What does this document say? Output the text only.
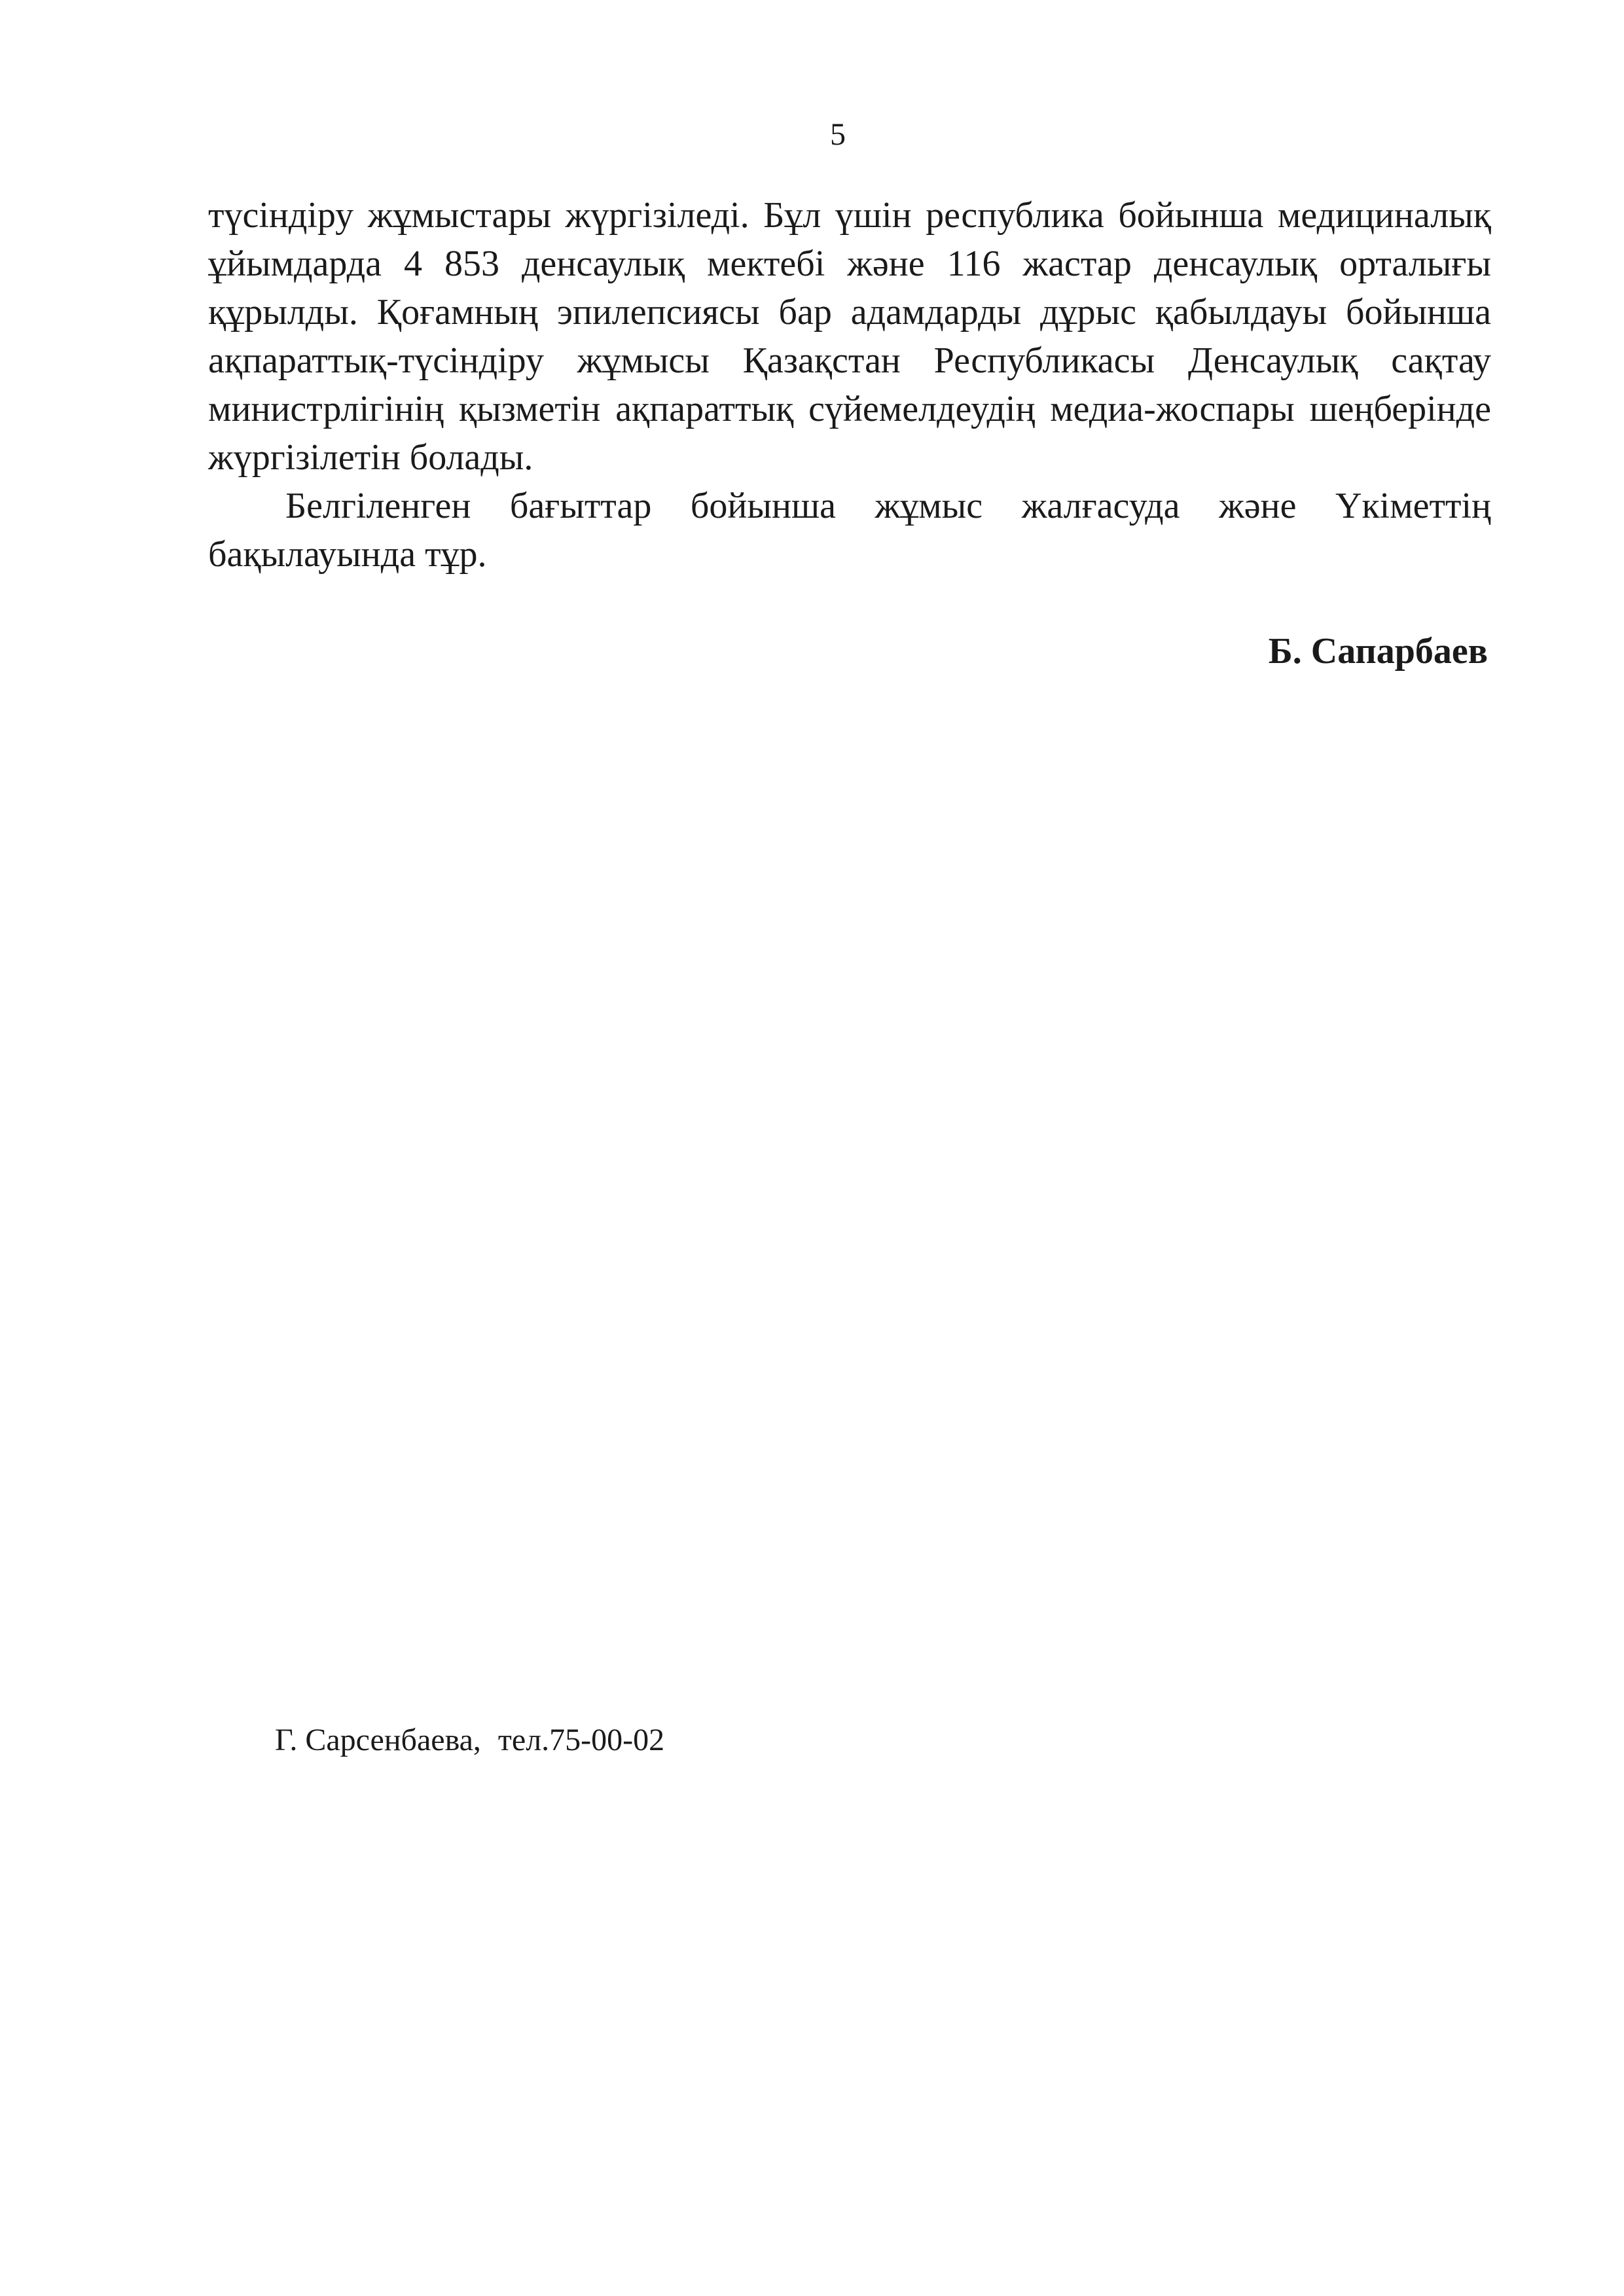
5

түсіндіру жұмыстары жүргізіледі. Бұл үшін республика бойынша медициналық ұйымдарда 4 853 денсаулық мектебі және 116 жастар денсаулық орталығы құрылды. Қоғамның эпилепсиясы бар адамдарды дұрыс қабылдауы бойынша ақпараттық-түсіндіру жұмысы Қазақстан Республикасы Денсаулық сақтау министрлігінің қызметін ақпараттық сүйемелдеудің медиа-жоспары шеңберінде жүргізілетін болады.

Белгіленген бағыттар бойынша жұмыс жалғасуда және Үкіметтің бақылауында тұр.

Б. Сапарбаев
Г. Сарсенбаева, тел.75-00-02
